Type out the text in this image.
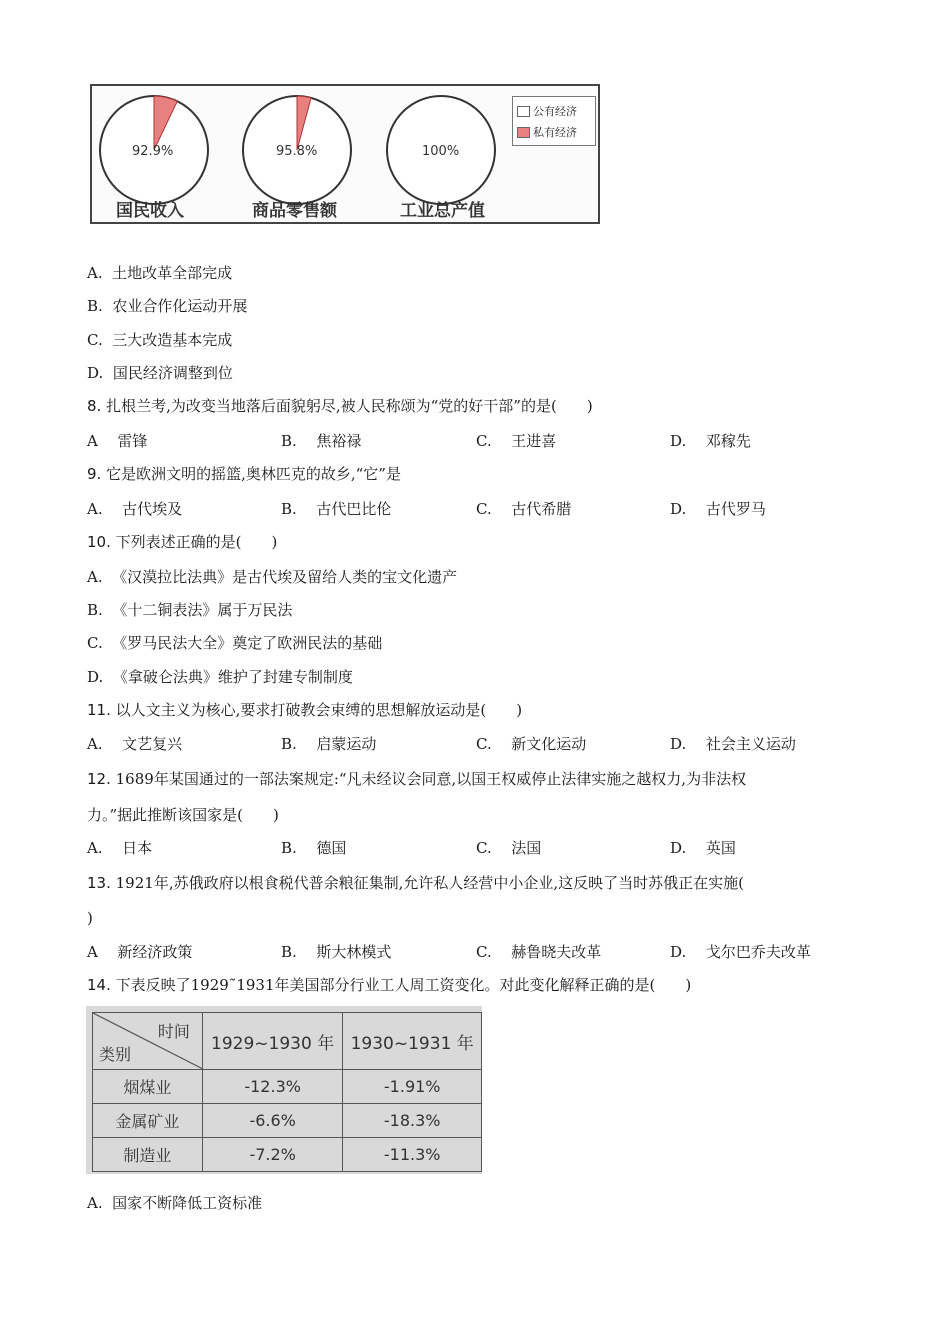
92.9%	95.8%	100%
国民收入	商品零售额	工业总产值
公有经济
私有经济
A. 土地改革全部完成
B. 农业合作化运动开展
C. 三大改造基本完成
D. 国民经济调整到位
8. 扎根兰考,为改变当地落后面貌躬尽,被人民称颂为“党的好干部”的是(　　)
A 雷锋	B. 焦裕禄	C. 王进喜	D. 邓稼先
9. 它是欧洲文明的摇篮,奥林匹克的故乡,“它”是
A. 古代埃及	B. 古代巴比伦	C. 古代希腊	D. 古代罗马
10. 下列表述正确的是(　　)
A. 《汉漠拉比法典》是古代埃及留给人类的宝文化遗产
B. 《十二铜表法》属于万民法
C. 《罗马民法大全》奠定了欧洲民法的基础
D. 《拿破仑法典》维护了封建专制制度
11. 以人文主义为核心,要求打破教会束缚的思想解放运动是(　　)
A. 文艺复兴	B. 启蒙运动	C. 新文化运动	D. 社会主义运动
12. 1689年某国通过的一部法案规定:“凡未经议会同意,以国王权威停止法律实施之越权力,为非法权
力。”据此推断该国家是(　　)
A. 日本	B. 德国	C. 法国	D. 英国
13. 1921年,苏俄政府以根食税代普余粮征集制,允许私人经营中小企业,这反映了当时苏俄正在实施(
)
A 新经济政策	B. 斯大林模式	C. 赫鲁晓夫改革	D. 戈尔巴乔夫改革
14. 下表反映了1929˜1931年美国部分行业工人周工资变化。对此变化解释正确的是(　　)
时间
类别	1929~1930 年	1930~1931 年
烟煤业	-12.3%	-1.91%
金属矿业	-6.6%	-18.3%
制造业	-7.2%	-11.3%
A. 国家不断降低工资标准
